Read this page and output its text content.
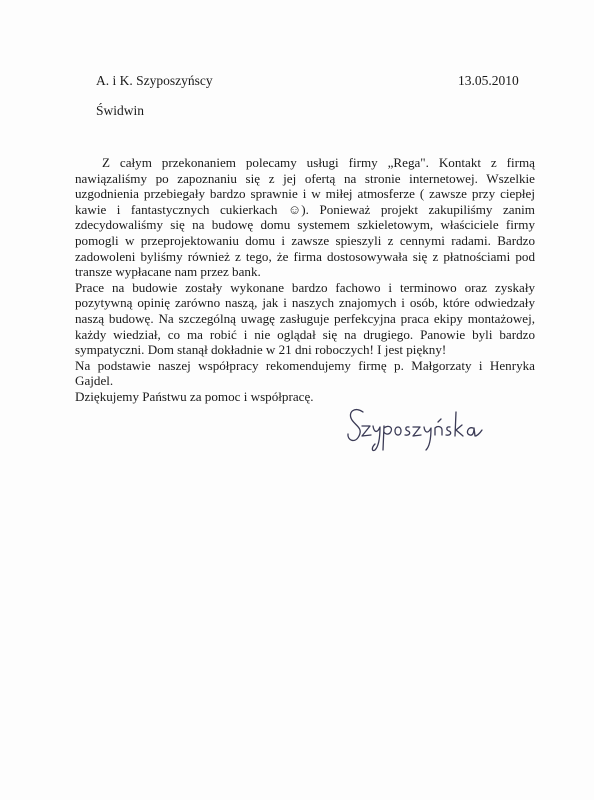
A. i K. Szyposzyńscy	13.05.2010
Świdwin

Z całym przekonaniem polecamy usługi firmy „Rega". Kontakt z firmą nawiązaliśmy po zapoznaniu się z jej ofertą na stronie internetowej. Wszelkie uzgodnienia przebiegały bardzo sprawnie i w miłej atmosferze ( zawsze przy ciepłej kawie i fantastycznych cukierkach ☺). Ponieważ projekt zakupiliśmy zanim zdecydowaliśmy się na budowę domu systemem szkieletowym, właściciele firmy pomogli w przeprojektowaniu domu i zawsze spieszyli z cennymi radami. Bardzo zadowoleni byliśmy również z tego, że firma dostosowywała się z płatnościami pod transze wypłacane nam przez bank.

Prace na budowie zostały wykonane bardzo fachowo i terminowo oraz zyskały pozytywną opinię zarówno naszą, jak i naszych znajomych i osób, które odwiedzały naszą budowę. Na szczególną uwagę zasługuje perfekcyjna praca ekipy montażowej, każdy wiedział, co ma robić i nie oglądał się na drugiego. Panowie byli bardzo sympatyczni. Dom stanął dokładnie w 21 dni roboczych! I jest piękny!

Na podstawie naszej współpracy rekomendujemy firmę p. Małgorzaty i Henryka Gajdel.

Dziękujemy Państwu za pomoc i współpracę.
